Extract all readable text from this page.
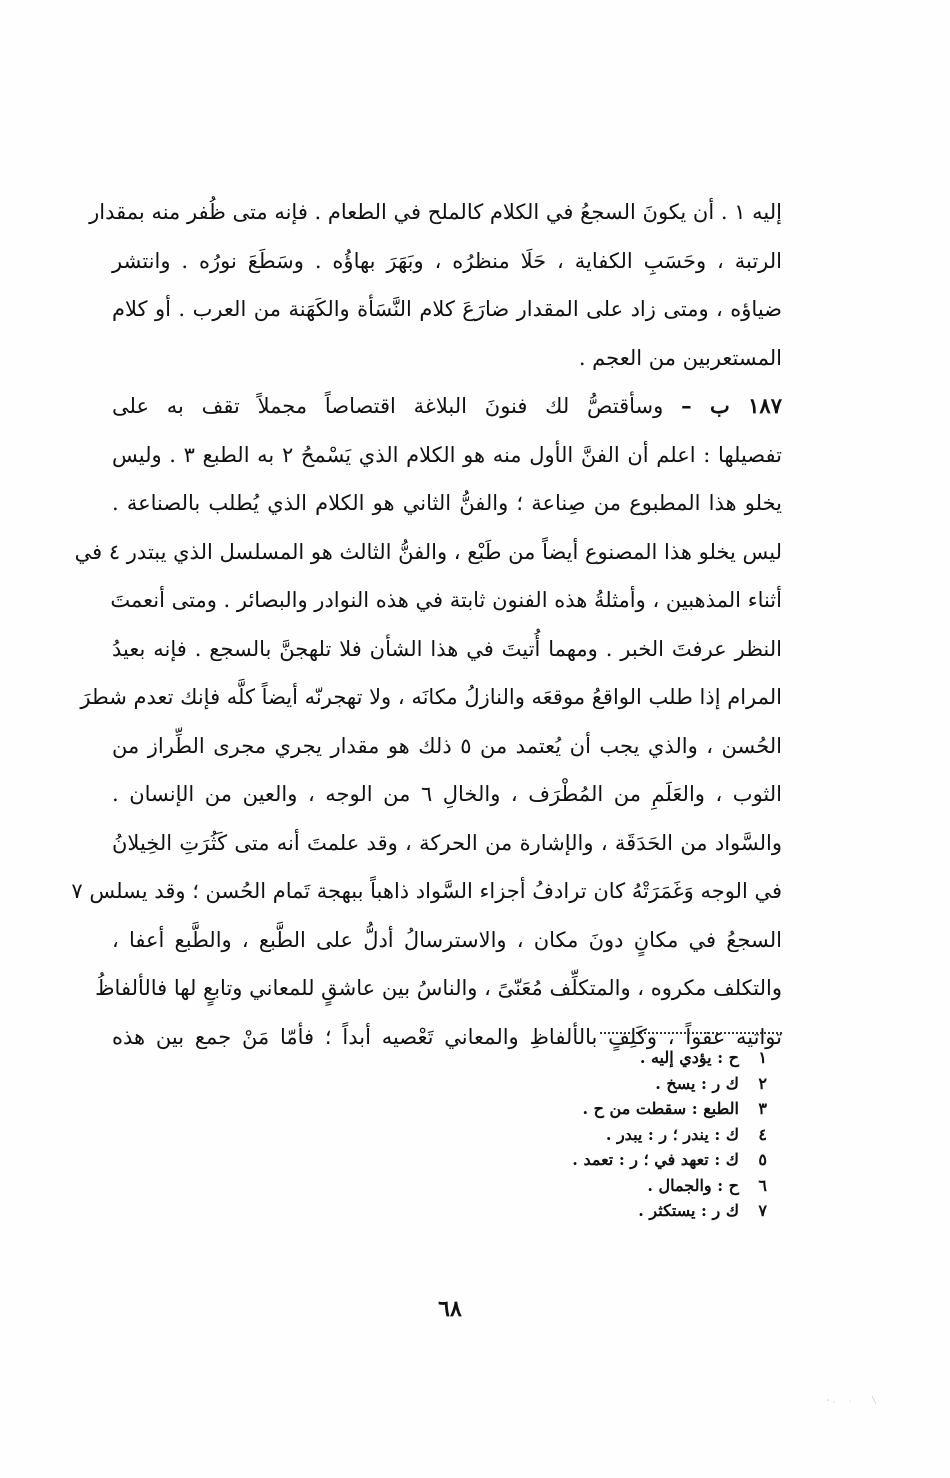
إليه ١ . أن يكونَ السجعُ في الكلام كالملح في الطعام . فإنه متى ظُفر منه بمقدار
الرتبة ، وحَسَبِ الكفاية ، حَلَا منظرُه ، وبَهَرَ بهاؤُه . وسَطَعَ نورُه . وانتشر
ضياؤه ، ومتى زاد على المقدار ضارَعَ كلام النَّسَأة والكَهَنة من العرب . أو كلام
المستعربين من العجم .
١٨٧ ب – وسأقتصُّ لك فنونَ البلاغة اقتصاصاً مجملاً تقف به على
تفصيلها : اعلم أن الفنَّ الأول منه هو الكلام الذي يَسْمحُ ٢ به الطبع ٣ . وليس
يخلو هذا المطبوع من صِناعة ؛ والفنُّ الثاني هو الكلام الذي يُطلب بالصناعة .
ليس يخلو هذا المصنوع أيضاً من طَبْع ، والفنُّ الثالث هو المسلسل الذي يبتدر ٤ في
أثناء المذهبين ، وأمثلةُ هذه الفنون ثابتة في هذه النوادر والبصائر . ومتى أنعمتَ
النظر عرفتَ الخبر . ومهما أُتيتَ في هذا الشأن فلا تلهجنَّ بالسجع . فإنه بعيدُ
المرام إذا طلب الواقعُ موقعَه والنازلُ مكانَه ، ولا تهجرنّه أيضاً كلَّه فإنك تعدم شطرَ
الحُسن ، والذي يجب أن يُعتمد من ٥ ذلك هو مقدار يجري مجرى الطِّراز من
الثوب ، والعَلَمِ من المُطْرَف ، والخالِ ٦ من الوجه ، والعين من الإنسان .
والسَّواد من الحَدَقَة ، والإشارة من الحركة ، وقد علمتَ أنه متى كَثُرَتِ الخِيلانُ
في الوجه وَغَمَرَتْهُ كان ترادفُ أجزاء السَّواد ذاهباً ببهجة تَمام الحُسن ؛ وقد يسلس ٧
السجعُ في مكانٍ دونَ مكان ، والاسترسالُ أدلُّ على الطَّبع ، والطَّبع أعفا ،
والتكلف مكروه ، والمتكلِّف مُعَنّىً ، والناسُ بين عاشقٍ للمعاني وتابعٍ لها فالألفاظُ
تواتيه عفواً ، وكَلِفٍ بالألفاظِ والمعاني تَعْصيه أبداً ؛ فأمّا مَنْ جمع بين هذه
١ح : يؤدي إليه .
٢ك ر : يسخ .
٣الطبع : سقطت من ح .
٤ك : يندر ؛ ر : يبدر .
٥ك : تعهد في ؛ ر : تعمد .
٦ح : والجمال .
٧ك ر : يستكثر .
٦٨
